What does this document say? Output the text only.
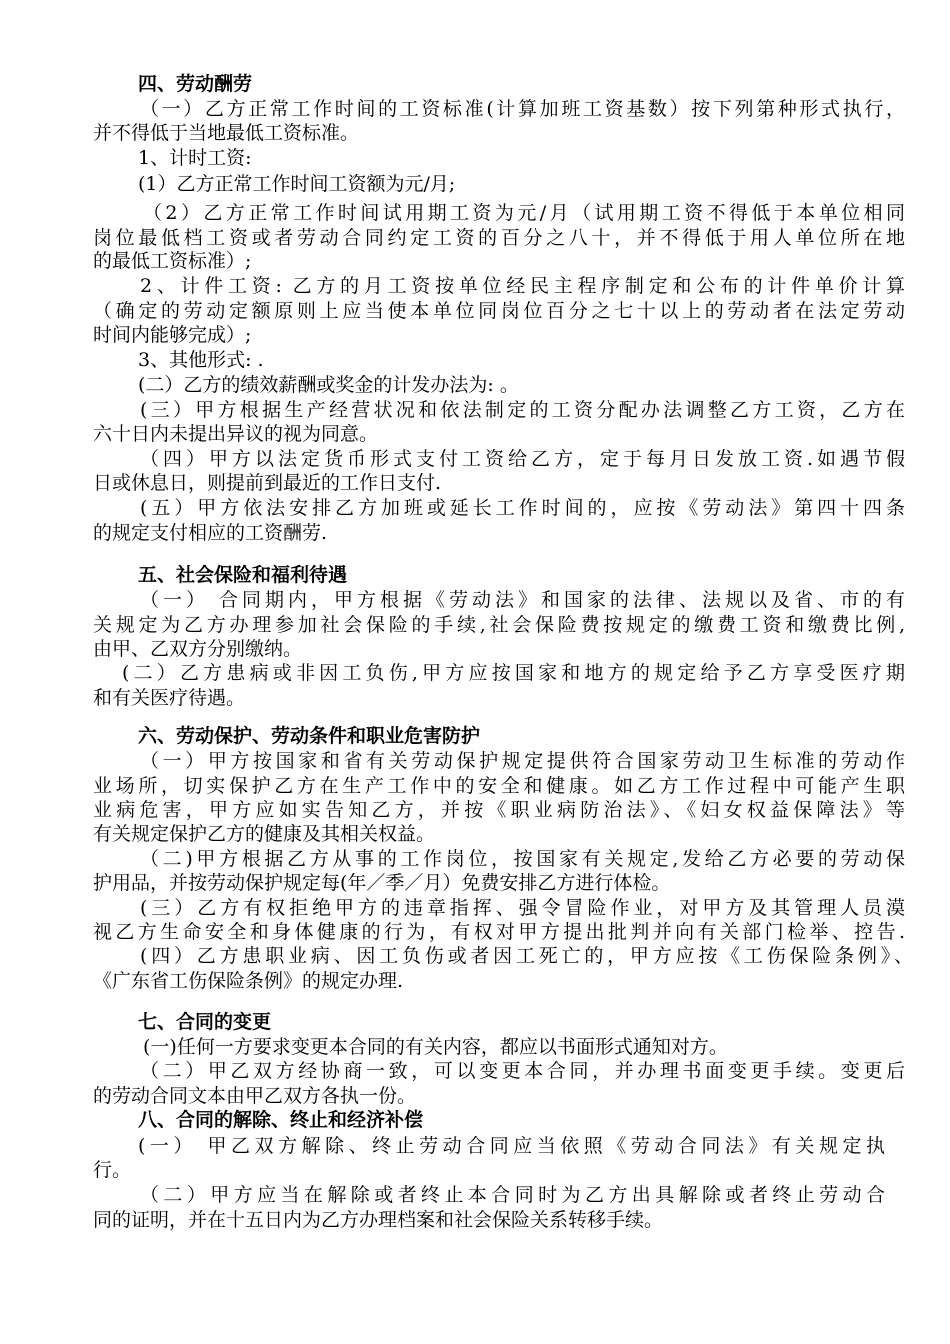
四、劳动酬劳
（一）乙方正常工作时间的工资标准(计算加班工资基数）按下列第种形式执行，
并不得低于当地最低工资标准。
1、计时工资:
(1）乙方正常工作时间工资额为元/月;
（2）乙方正常工作时间试用期工资为元/月（试用期工资不得低于本单位相同
岗位最低档工资或者劳动合同约定工资的百分之八十，并不得低于用人单位所在地
的最低工资标准）;
2、计件工资: 乙方的月工资按单位经民主程序制定和公布的计件单价计算
（确定的劳动定额原则上应当使本单位同岗位百分之七十以上的劳动者在法定劳动
时间内能够完成）;
3、其他形式: .
(二）乙方的绩效薪酬或奖金的计发办法为: 。
(三）甲方根据生产经营状况和依法制定的工资分配办法调整乙方工资，乙方在
六十日内未提出异议的视为同意。
（四）甲方以法定货币形式支付工资给乙方，定于每月日发放工资.如遇节假
日或休息日，则提前到最近的工作日支付.
(五）甲方依法安排乙方加班或延长工作时间的，应按《劳动法》第四十四条
的规定支付相应的工资酬劳.
五、社会保险和福利待遇
（一） 合同期内，甲方根据《劳动法》和国家的法律、法规以及省、市的有
关规定为乙方办理参加社会保险的手续,社会保险费按规定的缴费工资和缴费比例,
由甲、乙双方分别缴纳。
(二）乙方患病或非因工负伤,甲方应按国家和地方的规定给予乙方享受医疗期
和有关医疗待遇。
六、劳动保护、劳动条件和职业危害防护
（一）甲方按国家和省有关劳动保护规定提供符合国家劳动卫生标准的劳动作
业场所，切实保护乙方在生产工作中的安全和健康。如乙方工作过程中可能产生职
业病危害，甲方应如实告知乙方，并按《职业病防治法》、《妇女权益保障法》等
有关规定保护乙方的健康及其相关权益。
（二)甲方根据乙方从事的工作岗位，按国家有关规定,发给乙方必要的劳动保
护用品，并按劳动保护规定每(年／季／月）免费安排乙方进行体检。
(三）乙方有权拒绝甲方的违章指挥、强令冒险作业，对甲方及其管理人员漠
视乙方生命安全和身体健康的行为，有权对甲方提出批判并向有关部门检举、控告.
(四）乙方患职业病、因工负伤或者因工死亡的，甲方应按《工伤保险条例》、
《广东省工伤保险条例》的规定办理.
七、合同的变更
(一)任何一方要求变更本合同的有关内容，都应以书面形式通知对方。
（二）甲乙双方经协商一致，可以变更本合同，并办理书面变更手续。变更后
的劳动合同文本由甲乙双方各执一份。
八、合同的解除、终止和经济补偿
(一） 甲乙双方解除、终止劳动合同应当依照《劳动合同法》有关规定执
行。
（二）甲方应当在解除或者终止本合同时为乙方出具解除或者终止劳动合
同的证明，并在十五日内为乙方办理档案和社会保险关系转移手续。
